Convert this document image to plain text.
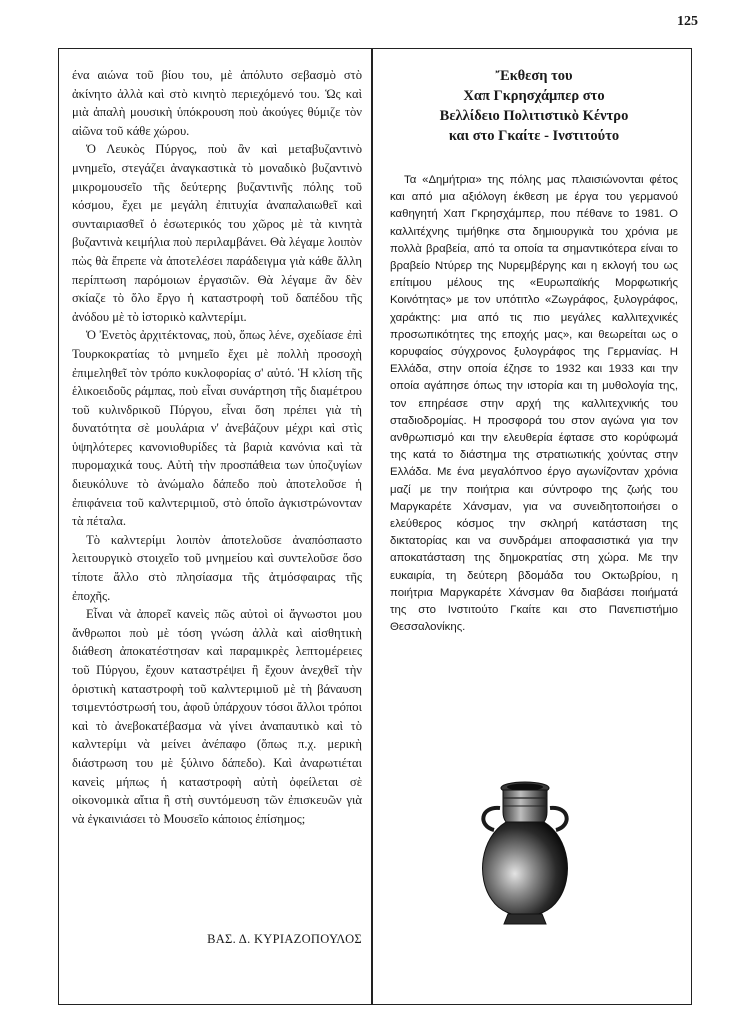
125

ένα αιώνα τοῦ βίου του, μὲ ἀπόλυτο σεβασμὸ στὸ ἀκίνητο ἀλλὰ καὶ στὸ κινητὸ περιεχόμενό του. Ὡς καὶ μιὰ ἀπαλὴ μουσικὴ ὑπόκρουση ποὺ ἀκούγες θύμιζε τὸν αἰῶνα τοῦ κάθε χώρου.

Ὁ Λευκὸς Πύργος, ποὺ ἂν καὶ μεταβυζαντινὸ μνημεῖο, στεγάζει ἀναγκαστικὰ τὸ μοναδικὸ βυζαντινὸ μικρομουσεῖο τῆς δεύτερης βυζαντινῆς πόλης τοῦ κόσμου, ἔχει με μεγάλη ἐπιτυχία ἀναπαλαιωθεῖ καὶ συνταιριασθεῖ ὁ ἐσωτερικός του χῶρος μὲ τὰ κινητὰ βυζαντινὰ κειμήλια ποὺ περιλαμβάνει. Θὰ λέγαμε λοιπὸν πὼς θὰ ἔπρεπε νὰ ἀποτελέσει παράδειγμα γιὰ κάθε ἄλλη περίπτωση παρόμοιων ἐργασιῶν. Θὰ λέγαμε ἂν δὲν σκίαζε τὸ ὅλο ἔργο ἡ καταστροφὴ τοῦ δαπέδου τῆς ἀνόδου μὲ τὸ ἱστορικὸ καλντερίμι.

Ὁ Ἐνετὸς ἀρχιτέκτονας, ποὺ, ὅπως λένε, σχεδίασε ἐπὶ Τουρκοκρατίας τὸ μνημεῖο ἔχει μὲ πολλὴ προσοχὴ ἐπιμεληθεῖ τὸν τρόπο κυκλοφορίας σ' αὐτό. Ἡ κλίση τῆς ἑλικοειδοῦς ράμπας, ποὺ εἶναι συνάρτηση τῆς διαμέτρου τοῦ κυλινδρικοῦ Πύργου, εἶναι ὅση πρέπει γιὰ τὴ δυνατότητα σὲ μουλάρια ν' ἀνεβάζουν μέχρι καὶ στὶς ὑψηλότερες κανονιοθυρίδες τὰ βαριὰ κανόνια καὶ τὰ πυρομαχικά τους. Αὐτὴ τὴν προσπάθεια των ὑποζυγίων διευκόλυνε τὸ ἀνώμαλο δάπεδο ποὺ ἀποτελοῦσε ἡ ἐπιφάνεια τοῦ καλντεριμιοῦ, στὸ ὁποῖο ἀγκιστρώνονταν τὰ πέταλα.

Τὸ καλντερίμι λοιπὸν ἀποτελοῦσε ἀναπόσπαστο λειτουργικὸ στοιχεῖο τοῦ μνημείου καὶ συντελοῦσε ὅσο τίποτε ἄλλο στὸ πλησίασμα τῆς ἀτμόσφαιρας τῆς ἐποχῆς.

Εἶναι νὰ ἀπορεῖ κανεὶς πῶς αὐτοὶ οἱ ἄγνωστοι μου ἄνθρωποι ποὺ μὲ τόση γνώση ἀλλὰ καὶ αἰσθητικὴ διάθεση ἀποκατέστησαν καὶ παραμικρὲς λεπτομέρειες τοῦ Πύργου, ἔχουν καταστρέψει ἢ ἔχουν ἀνεχθεῖ τὴν ὁριστικὴ καταστροφὴ τοῦ καλντεριμιοῦ μὲ τὴ βάναυση τσιμεντόστρωσή του, ἀφοῦ ὑπάρχουν τόσοι ἄλλοι τρόποι καὶ τὸ ἀνεβοκατέβασμα νὰ γίνει ἀναπαυτικὸ καὶ τὸ καλντερίμι νὰ μείνει ἀνέπαφο (ὅπως π.χ. μερικὴ διάστρωση του μὲ ξύλινο δάπεδο). Καὶ ἀναρωτιέται κανεὶς μήπως ἡ καταστροφὴ αὐτὴ ὀφείλεται σὲ οἰκονομικὰ αἴτια ἢ στὴ συντόμευση τῶν ἐπισκευῶν γιὰ νὰ ἐγκαινιάσει τὸ Μουσεῖο κάποιος ἐπίσημος;

ΒΑΣ. Δ. ΚΥΡΙΑΖΟΠΟΥΛΟΣ
Ἔκθεση του
Χαπ Γκρησχάμπερ στο
Βελλίδειο Πολιτιστικὸ Κέντρο
και στο Γκαίτε - Ινστιτούτο

Τα «Δημήτρια» της πόλης μας πλαισιώνονται φέτος και από μια αξιόλογη έκθεση με έργα του γερμανού καθηγητή Χαπ Γκρησχάμπερ, που πέθανε το 1981. Ο καλλιτέχνης τιμήθηκε στα δημιουργικὰ του χρόνια με πολλὰ βραβεία, από τα οποία τα σημαντικότερα είναι το βραβείο Ντύρερ της Νυρεμβέργης και η εκλογή του ως επίτιμου μέλους της «Ευρωπαϊκής Μορφωτικής Κοινότητας» με τον υπότιτλο «Ζωγράφος, ξυλογράφος, χαράκτης: μια από τις πιο μεγάλες καλλιτεχνικές προσωπικότητες της εποχής μας», και θεωρείται ως ο κορυφαίος σύγχρονος ξυλογράφος της Γερμανίας. Η Ελλάδα, στην οποία έζησε το 1932 και 1933 και την οποία αγάπησε όπως την ιστορία και τη μυθολογία της, τον επηρέασε στην αρχή της καλλιτεχνικής του σταδιοδρομίας. Η προσφορά του στον αγώνα για τον ανθρωπισμό και την ελευθερία έφτασε στο κορύφωμά της κατά το διάστημα της στρατιωτικής χούντας στην Ελλάδα. Με ένα μεγαλόπνοο έργο αγωνίζονταν χρόνια μαζί με την ποιήτρια και σύντροφο της ζωής του Μαργκαρέτε Χάνσμαν, για να συνειδητοποιήσει ο ελεύθερος κόσμος την σκληρή κατάσταση της δικτατορίας και να συνδράμει αποφασιστικά για την αποκατάσταση της δημοκρατίας στη χώρα. Με την ευκαιρία, τη δεύτερη βδομάδα του Οκτωβρίου, η ποιήτρια Μαργκαρέτε Χάνσμαν θα διαβάσει ποιήματά της στο Ινστιτούτο Γκαίτε και στο Πανεπιστήμιο Θεσσαλονίκης.
